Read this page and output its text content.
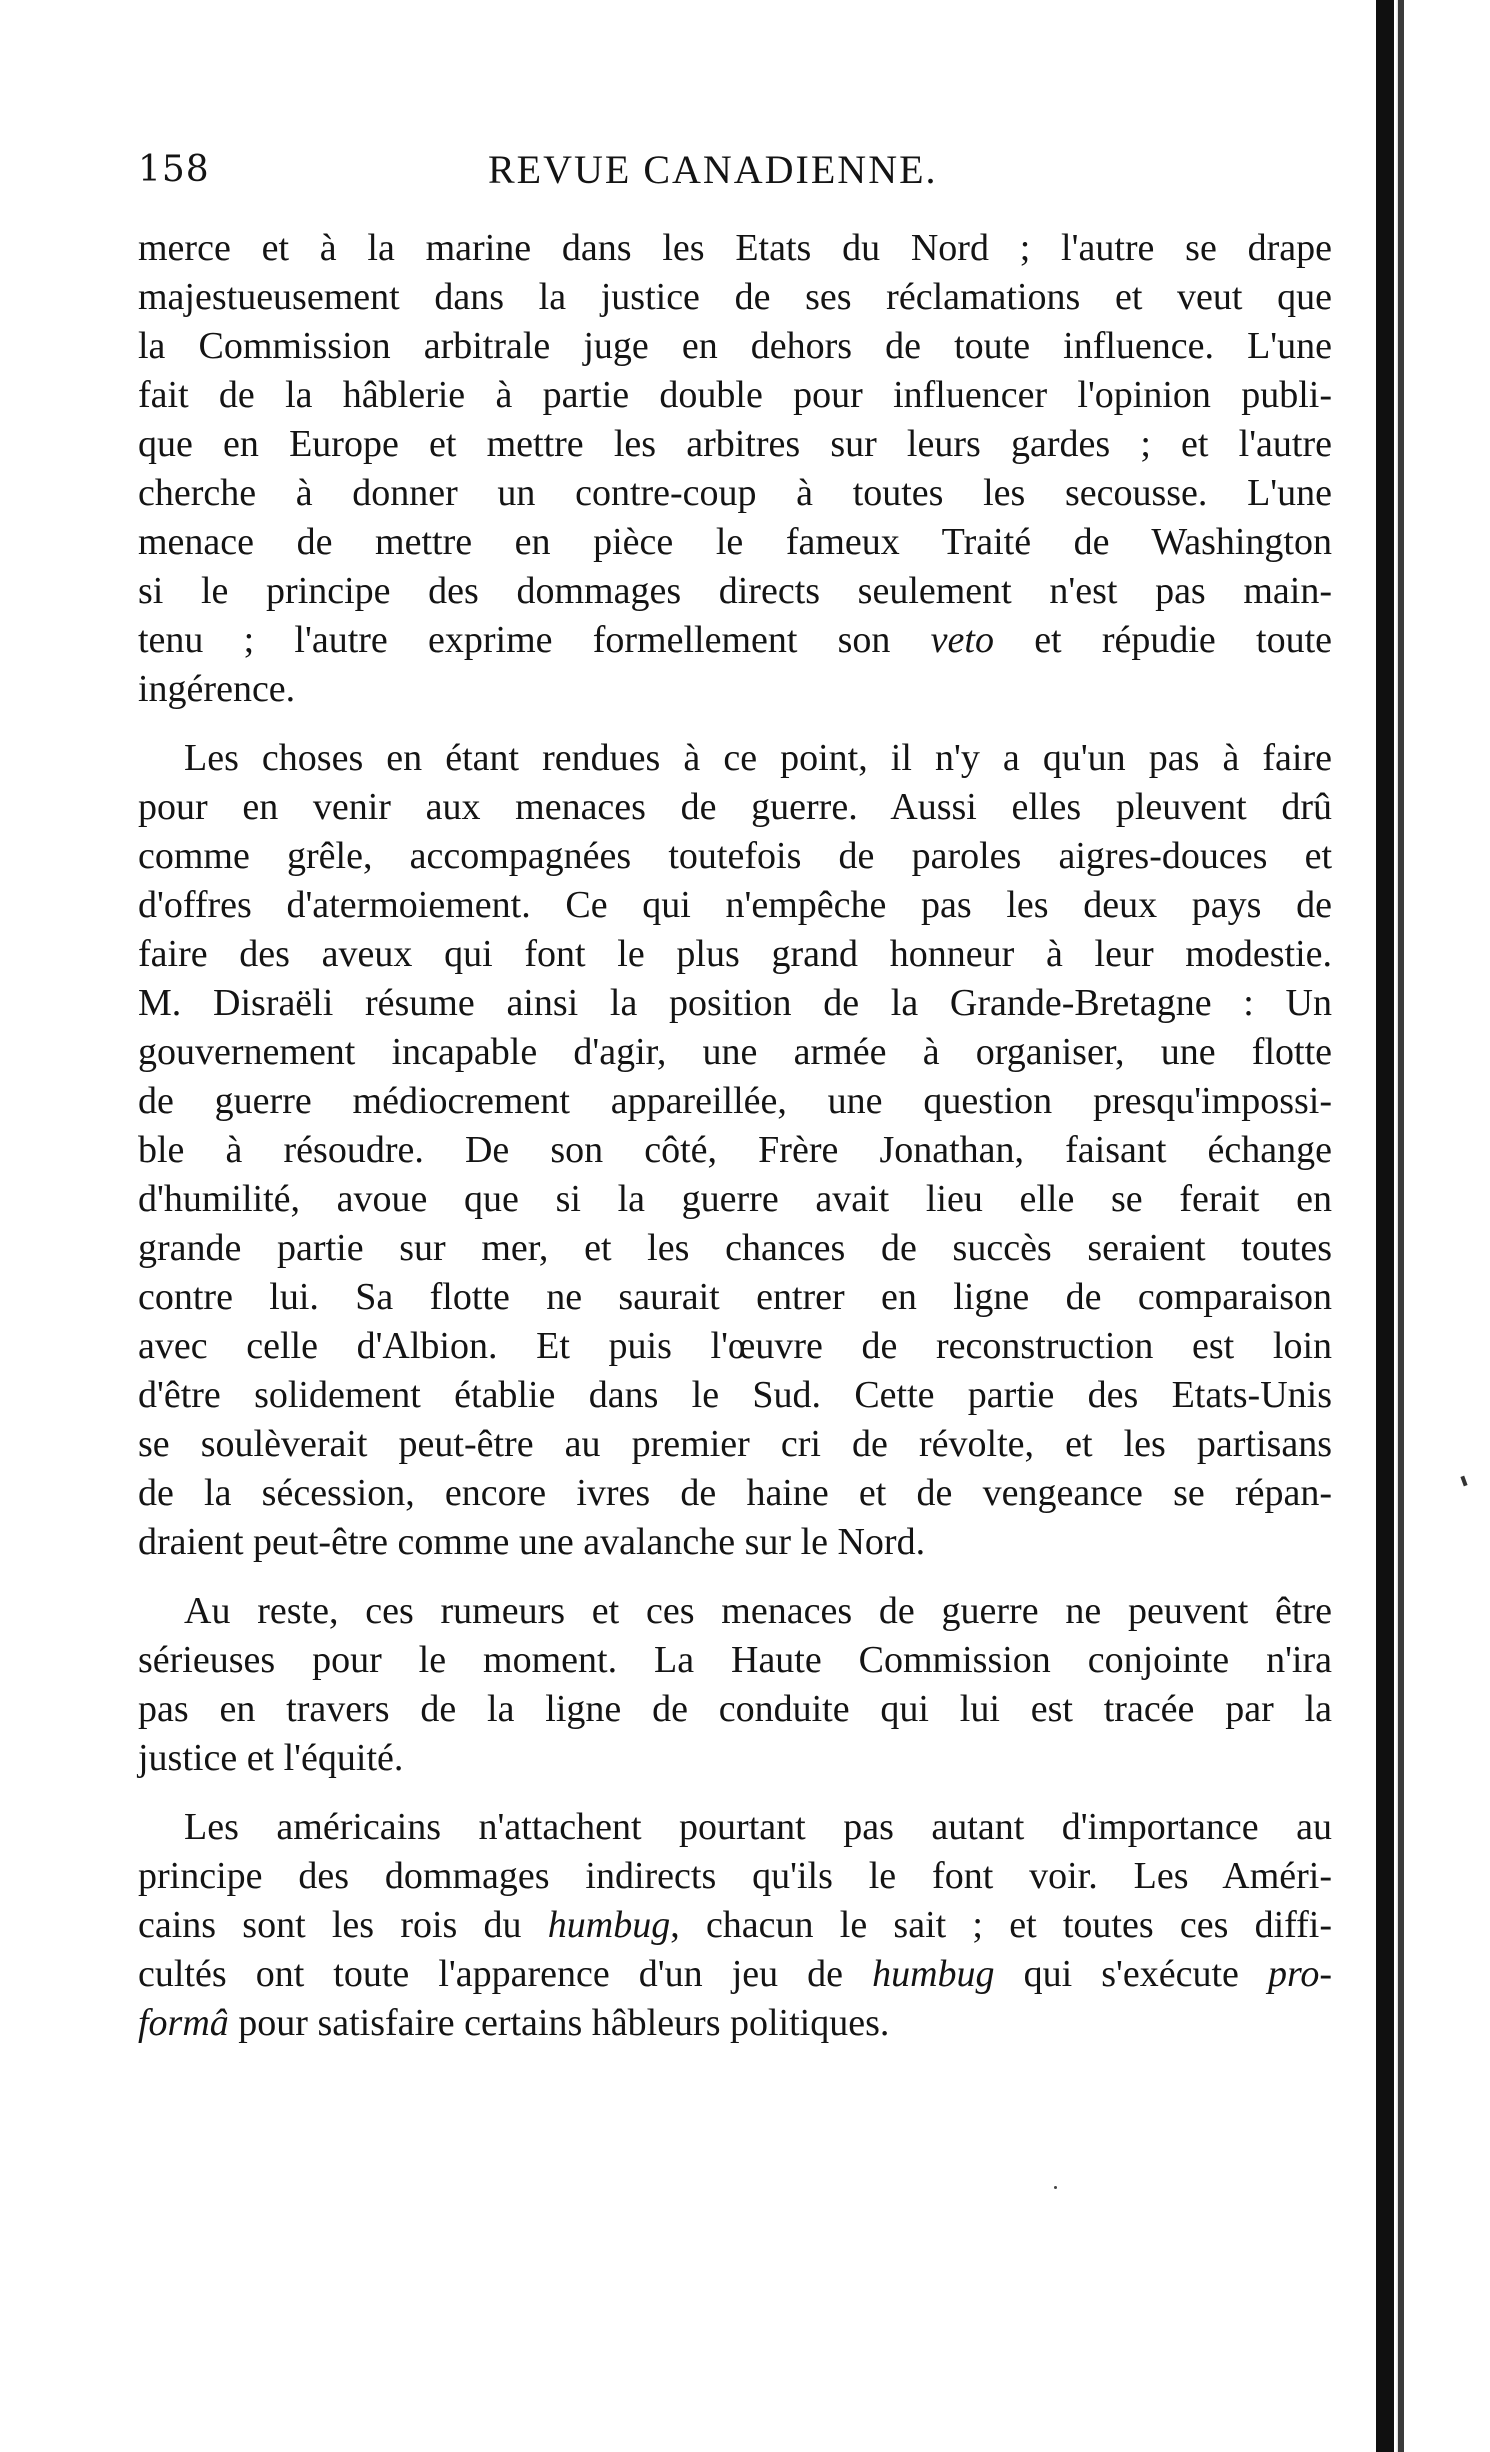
158	REVUE CANADIENNE.
merce et à la marine dans les Etats du Nord ; l'autre se drape
majestueusement dans la justice de ses réclamations et veut que
la Commission arbitrale juge en dehors de toute influence. L'une
fait de la hâblerie à partie double pour influencer l'opinion publi-
que en Europe et mettre les arbitres sur leurs gardes ; et l'autre
cherche à donner un contre-coup à toutes les secousse. L'une
menace de mettre en pièce le fameux Traité de Washington
si le principe des dommages directs seulement n'est pas main-
tenu ; l'autre exprime formellement son veto et répudie toute
ingérence.
Les choses en étant rendues à ce point, il n'y a qu'un pas à faire
pour en venir aux menaces de guerre. Aussi elles pleuvent drû
comme grêle, accompagnées toutefois de paroles aigres-douces et
d'offres d'atermoiement. Ce qui n'empêche pas les deux pays de
faire des aveux qui font le plus grand honneur à leur modestie.
M. Disraëli résume ainsi la position de la Grande-Bretagne : Un
gouvernement incapable d'agir, une armée à organiser, une flotte
de guerre médiocrement appareillée, une question presqu'impossi-
ble à résoudre. De son côté, Frère Jonathan, faisant échange
d'humilité, avoue que si la guerre avait lieu elle se ferait en
grande partie sur mer, et les chances de succès seraient toutes
contre lui. Sa flotte ne saurait entrer en ligne de comparaison
avec celle d'Albion. Et puis l'œuvre de reconstruction est loin
d'être solidement établie dans le Sud. Cette partie des Etats-Unis
se soulèverait peut-être au premier cri de révolte, et les partisans
de la sécession, encore ivres de haine et de vengeance se répan-
draient peut-être comme une avalanche sur le Nord.
Au reste, ces rumeurs et ces menaces de guerre ne peuvent être
sérieuses pour le moment. La Haute Commission conjointe n'ira
pas en travers de la ligne de conduite qui lui est tracée par la
justice et l'équité.
Les américains n'attachent pourtant pas autant d'importance au
principe des dommages indirects qu'ils le font voir. Les Améri-
cains sont les rois du humbug, chacun le sait ; et toutes ces diffi-
cultés ont toute l'apparence d'un jeu de humbug qui s'exécute pro-
formâ pour satisfaire certains hâbleurs politiques.
